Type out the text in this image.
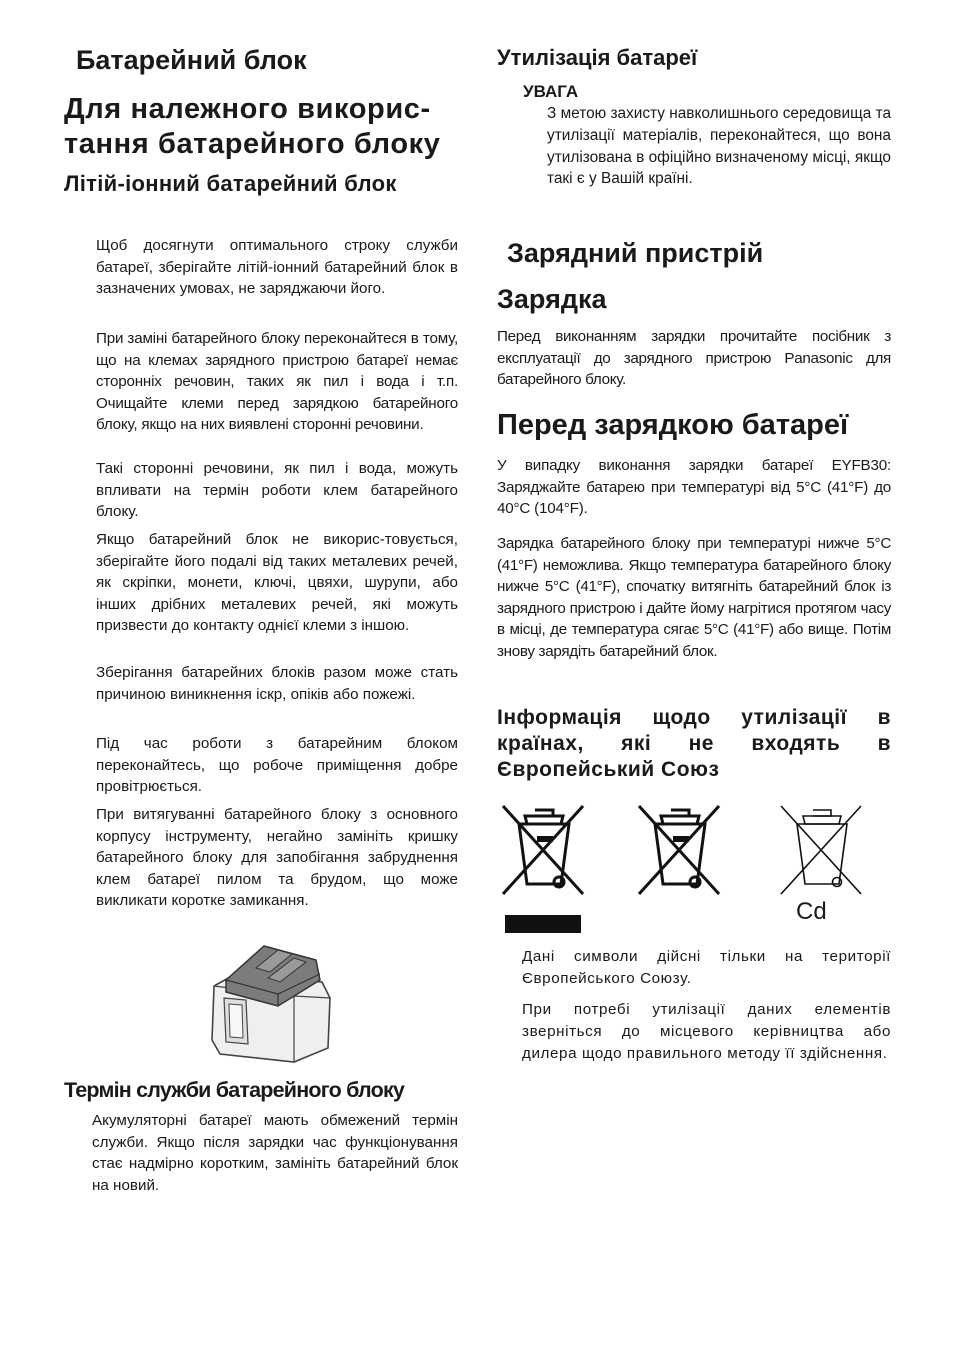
Батарейний блок
Для належного викорис-тання батарейного блоку
Літій-іонний батарейний блок

Щоб досягнути оптимального строку служби батареї, зберігайте літій-іонний батарейний блок в зазначених умовах, не заряджаючи його.

При заміні батарейного блоку переконайтеся в тому, що на клемах зарядного пристрою батареї немає сторонніх речовин, таких як пил і вода і т.п. Очищайте клеми перед зарядкою батарейного блоку, якщо на них виявлені сторонні речовини.

Такі сторонні речовини, як пил і вода, можуть впливати на термін роботи клем батарейного блоку.

Якщо батарейний блок не викорис-товується, зберігайте його подалі від таких металевих речей, як скріпки, монети, ключі, цвяхи, шурупи, або інших дрібних металевих речей, які можуть призвести до контакту однієї клеми з іншою.

Зберігання батарейних блоків разом може стать причиною виникнення іскр, опіків або пожежі.

Під час роботи з батарейним блоком переконайтесь, що робоче приміщення добре провітрюється.

При витягуванні батарейного блоку з основного корпусу інструменту, негайно замініть кришку батарейного блоку для запобігання забруднення клем батареї пилом та брудом, що може викликати коротке замикання.

Термін служби батарейного блоку

Акумуляторні батареї мають обмежений термін служби. Якщо після зарядки час функціонування стає надмірно коротким, замініть батарейний блок на новий.

Утилізація батареї
УВАГА

З метою захисту навколишнього середовища та утилізації матеріалів, переконайтеся, що вона утилізована в офіційно визначеному місці, якщо такі є у Вашій країні.

Зарядний пристрій
Зарядка

Перед виконанням зарядки прочитайте посібник з експлуатації до зарядного пристрою Panasonic для батарейного блоку.

Перед зарядкою батареї

У випадку виконання зарядки батареї EYFB30: Заряджайте батарею при температурі від 5°C (41°F) до 40°C (104°F).

Зарядка батарейного блоку при температурі нижче 5°C (41°F) неможлива. Якщо температура батарейного блоку нижче 5°C (41°F), спочатку витягніть батарейний блок із зарядного пристрою і дайте йому нагрітися протягом часу в місці, де температура сягає 5°C (41°F) або вище. Потім знову зарядіть батарейний блок.

Інформація щодо утилізації в країнах, які не входять в Європейський Союз
Cd

Дані символи дійсні тільки на території Європейського Союзу.

При потребі утилізації даних елементів зверніться до місцевого керівництва або дилера щодо правильного методу її здійснення.
